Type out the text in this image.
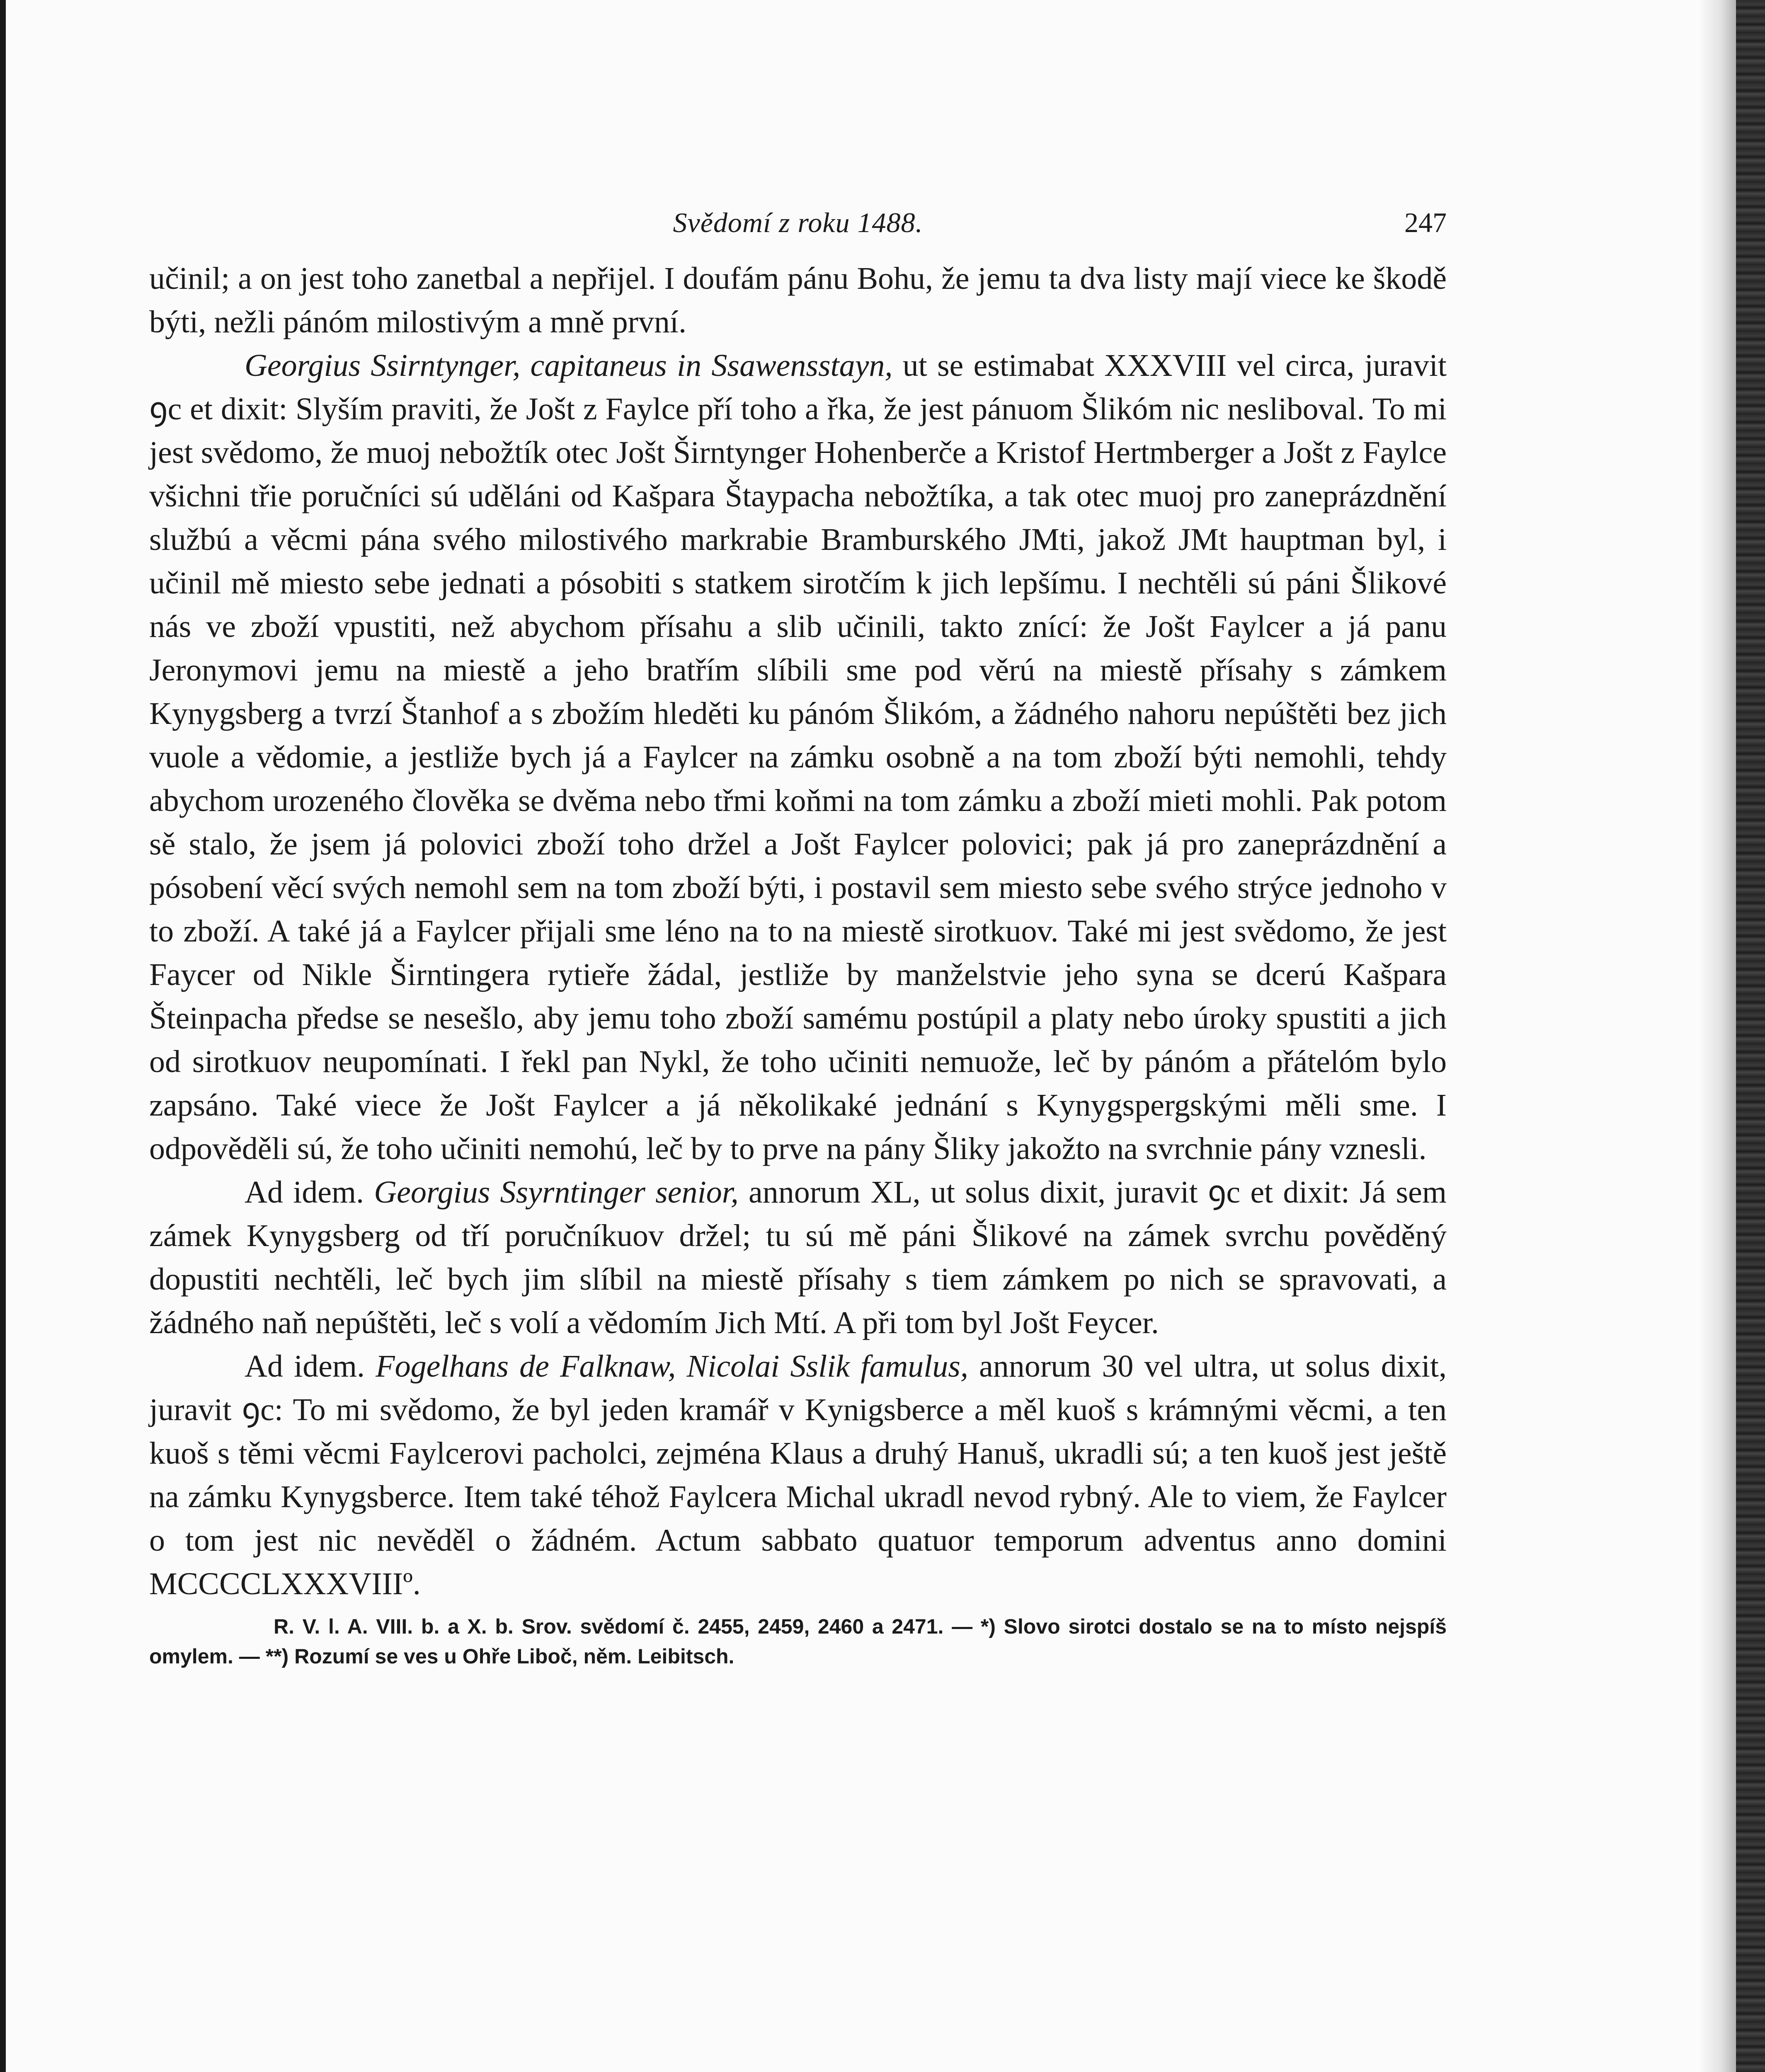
Svědomí z roku 1488.	247

učinil; a on jest toho zanetbal a nepřijel. I doufám pánu Bohu, že jemu ta dva listy mají viece ke škodě býti, nežli pánóm milostivým a mně první.

Georgius Ssirntynger, capitaneus in Ssawensstayn, ut se estimabat XXXVIII vel circa, juravit ꝯc et dixit: Slyším praviti, že Jošt z Faylce pří toho a řka, že jest pánuom Šlikóm nic nesliboval. To mi jest svědomo, že muoj nebožtík otec Jošt Širntynger Hohenberče a Kristof Hertmberger a Jošt z Faylce všichni třie poručníci sú uděláni od Kašpara Štaypacha nebožtíka, a tak otec muoj pro zaneprázdnění službú a věcmi pána svého milostivého markrabie Bramburského JMti, jakož JMt hauptman byl, i učinil mě miesto sebe jednati a pósobiti s statkem sirotčím k jich lepšímu. I nechtěli sú páni Šlikové nás ve zboží vpustiti, než abychom přísahu a slib učinili, takto znící: že Jošt Faylcer a já panu Jeronymovi jemu na miestě a jeho bratřím slíbili sme pod věrú na miestě přísahy s zámkem Kynygsberg a tvrzí Štanhof a s zbožím hleděti ku pánóm Šlikóm, a žádného nahoru nepúštěti bez jich vuole a vědomie, a jestliže bych já a Faylcer na zámku osobně a na tom zboží býti nemohli, tehdy abychom urozeného člověka se dvěma nebo třmi koňmi na tom zámku a zboží mieti mohli. Pak potom sě stalo, že jsem já polovici zboží toho držel a Jošt Faylcer polovici; pak já pro zaneprázdnění a pósobení věcí svých nemohl sem na tom zboží býti, i postavil sem miesto sebe svého strýce jednoho v to zboží. A také já a Faylcer přijali sme léno na to na miestě sirotkuov. Také mi jest svědomo, že jest Faycer od Nikle Širntingera rytieře žádal, jestliže by manželstvie jeho syna se dcerú Kašpara Šteinpacha předse se nesešlo, aby jemu toho zboží samému postúpil a platy nebo úroky spustiti a jich od sirotkuov neupomínati. I řekl pan Nykl, že toho učiniti nemuože, leč by pánóm a přátelóm bylo zapsáno. Také viece že Jošt Faylcer a já několikaké jednání s Kynygspergskými měli sme. I odpověděli sú, že toho učiniti nemohú, leč by to prve na pány Šliky jakožto na svrchnie pány vznesli.

Ad idem. Georgius Ssyrntinger senior, annorum XL, ut solus dixit, juravit ꝯc et dixit: Já sem zámek Kynygsberg od tří poručníkuov držel; tu sú mě páni Šlikové na zámek svrchu pověděný dopustiti nechtěli, leč bych jim slíbil na miestě přísahy s tiem zámkem po nich se spravovati, a žádného naň nepúštěti, leč s volí a vědomím Jich Mtí. A při tom byl Jošt Feycer.

Ad idem. Fogelhans de Falknaw, Nicolai Sslik famulus, annorum 30 vel ultra, ut solus dixit, juravit ꝯc: To mi svědomo, že byl jeden kramář v Kynigsberce a měl kuoš s krámnými věcmi, a ten kuoš s těmi věcmi Faylcerovi pacholci, zejména Klaus a druhý Hanuš, ukradli sú; a ten kuoš jest ještě na zámku Kynygsberce. Item také téhož Faylcera Michal ukradl nevod rybný. Ale to viem, že Faylcer o tom jest nic nevěděl o žádném. Actum sabbato quatuor temporum adventus anno domini MCCCCLXXXVIIIº.

R. V. l. A. VIII. b. a X. b. Srov. svědomí č. 2455, 2459, 2460 a 2471. — *) Slovo sirotci dostalo se na to místo nejspíš omylem. — **) Rozumí se ves u Ohře Liboč, něm. Leibitsch.
